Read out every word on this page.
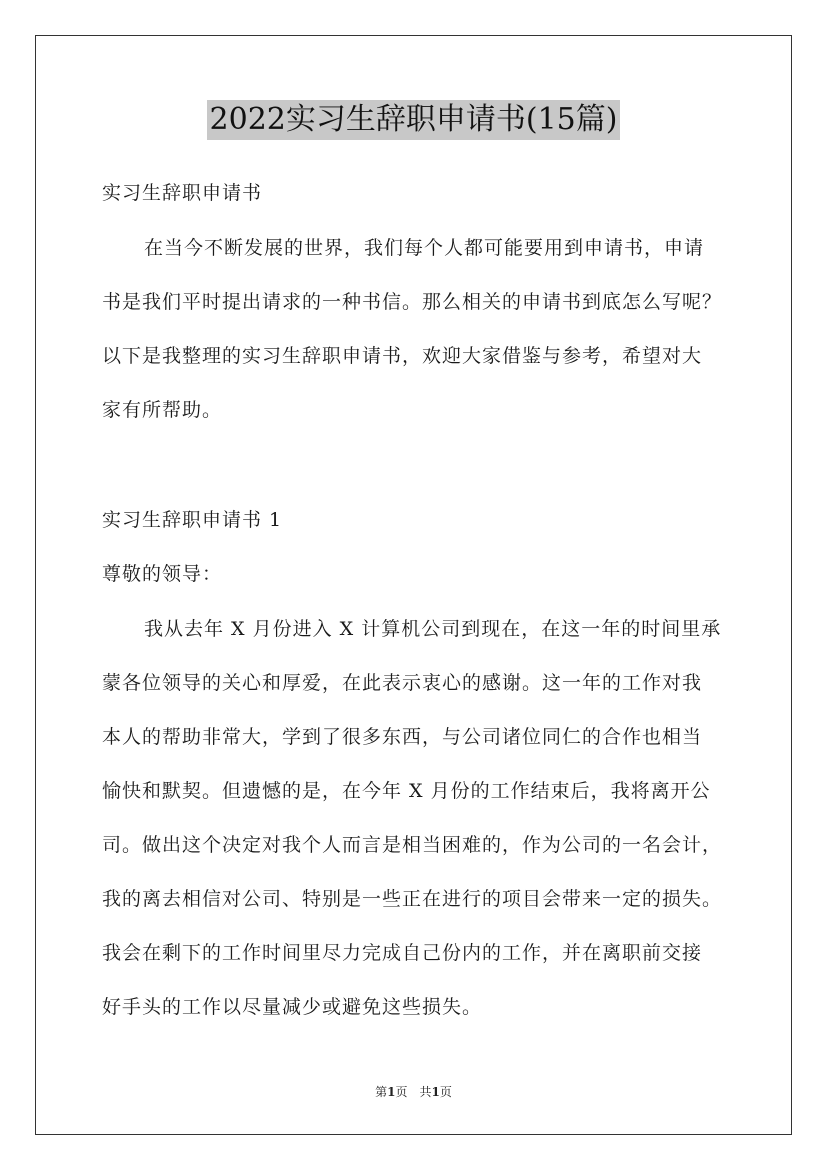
2022实习生辞职申请书(15篇)
实习生辞职申请书
在当今不断发展的世界，我们每个人都可能要用到申请书，申请
书是我们平时提出请求的一种书信。那么相关的申请书到底怎么写呢？
以下是我整理的实习生辞职申请书，欢迎大家借鉴与参考，希望对大
家有所帮助。
实习生辞职申请书 1
尊敬的领导：
我从去年 X 月份进入 X 计算机公司到现在，在这一年的时间里承
蒙各位领导的关心和厚爱，在此表示衷心的感谢。这一年的工作对我
本人的帮助非常大，学到了很多东西，与公司诸位同仁的合作也相当
愉快和默契。但遗憾的是，在今年 X 月份的工作结束后，我将离开公
司。做出这个决定对我个人而言是相当困难的，作为公司的一名会计，
我的离去相信对公司、特别是一些正在进行的项目会带来一定的损失。
我会在剩下的工作时间里尽力完成自己份内的工作，并在离职前交接
好手头的工作以尽量减少或避免这些损失。
第1页　共1页
